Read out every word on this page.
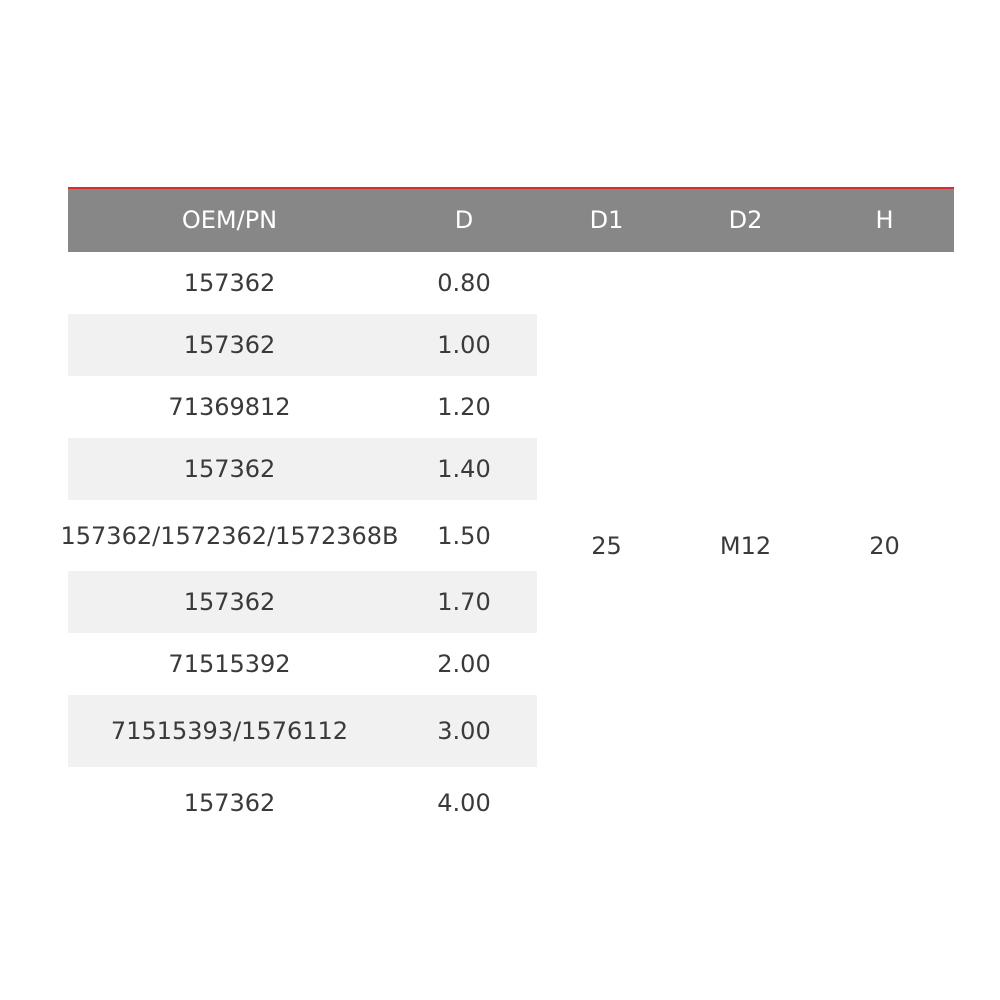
OEM/PN	D	D1	D2	H
157362	0.80
157362	1.00
71369812	1.20
157362	1.40
157362/1572362/1572368B	1.50
157362	1.70
71515392	2.00
71515393/1576112	3.00
157362	4.00
25	M12	20
